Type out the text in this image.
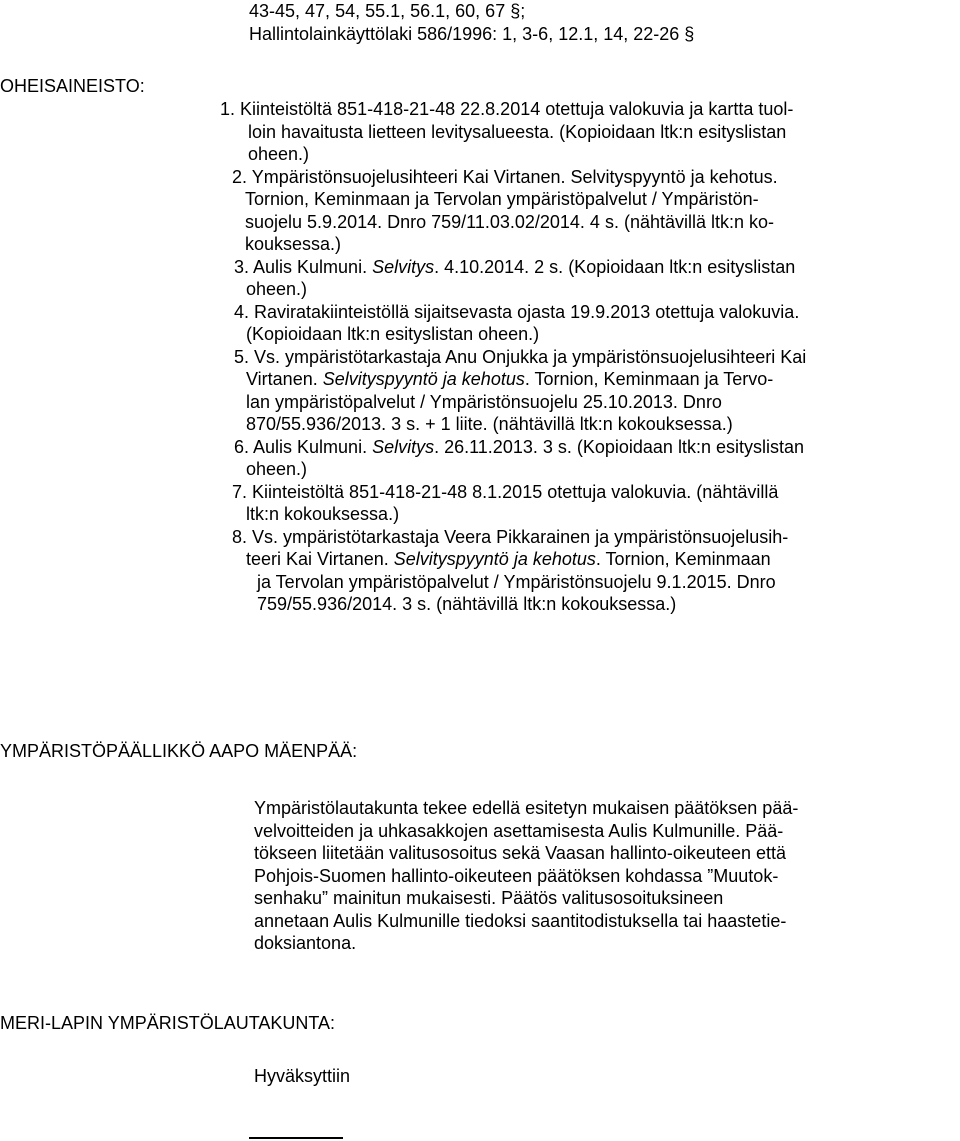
43-45, 47, 54, 55.1, 56.1, 60, 67 §;
Hallintolainkäyttölaki 586/1996: 1, 3-6, 12.1, 14, 22-26 §
OHEISAINEISTO:
1. Kiinteistöltä 851-418-21-48 22.8.2014 otettuja valokuvia ja kartta tuol-
loin havaitusta liette‌en levitysalueesta. (Kopioidaan ltk:n esityslistan
oheen.)
2. Ympäristönsuojelusihteeri Kai Virtanen. Selvityspyyntö ja kehotus.
Tornion, Keminmaan ja Tervolan ympäristöpalvelut / Ympäristön-
suojelu 5.9.2014. Dnro 759/11.03.02/2014. 4 s. (nähtävillä ltk:n ko-
kouksessa.)
3. Aulis Kulmuni. Selvitys. 4.10.2014. 2 s. (Kopioidaan ltk:n esityslistan
oheen.)
4. Raviratakiinteistöllä sijaitsevasta ojasta 19.9.2013 otettuja valokuvia.
(Kopioidaan ltk:n esityslistan oheen.)
5. Vs. ympäristötarkastaja Anu Onjukka ja ympäristönsuojelusihteeri Kai
Virtanen. Selvityspyyntö ja kehotus. Tornion, Keminmaan ja Tervo-
lan ympäristöpalvelut / Ympäristönsuojelu 25.10.2013. Dnro
870/55.936/2013. 3 s. + 1 liite. (nähtävillä ltk:n kokouksessa.)
6. Aulis Kulmuni. Selvitys. 26.11.2013. 3 s. (Kopioidaan ltk:n esityslistan
oheen.)
7. Kiinteistöltä 851-418-21-48 8.1.2015 otettuja valokuvia. (nähtävillä
ltk:n kokouksessa.)
8. Vs. ympäristötarkastaja Veera Pikkarainen ja ympäristönsuojelusih-
teeri Kai Virtanen. Selvityspyyntö ja kehotus. Tornion, Keminmaan
ja Tervolan ympäristöpalvelut / Ympäristönsuojelu 9.1.2015. Dnro
759/55.936/2014. 3 s. (nähtävillä ltk:n kokouksessa.)
YMPÄRISTÖPÄÄLLIKKÖ AAPO MÄENPÄÄ:
Ympäristölautakunta tekee edellä esitetyn mukaisen päätöksen pää-
velvoitteiden ja uhkasakkojen asettamisesta Aulis Kulmunille. Pää-
tökseen liitetään valitusosoitus sekä Vaasan hallinto-oikeuteen että
Pohjois-Suomen hallinto-oikeuteen päätöksen kohdassa ”Muutok-
senhaku” mainitun mukaisesti. Päätös valitusosoituksineen
annetaan Aulis Kulmunille tiedoksi saantitodistuksella tai haastetie-
doksiantona.
MERI-LAPIN YMPÄRISTÖLAUTAKUNTA:
Hyväksyttiin
